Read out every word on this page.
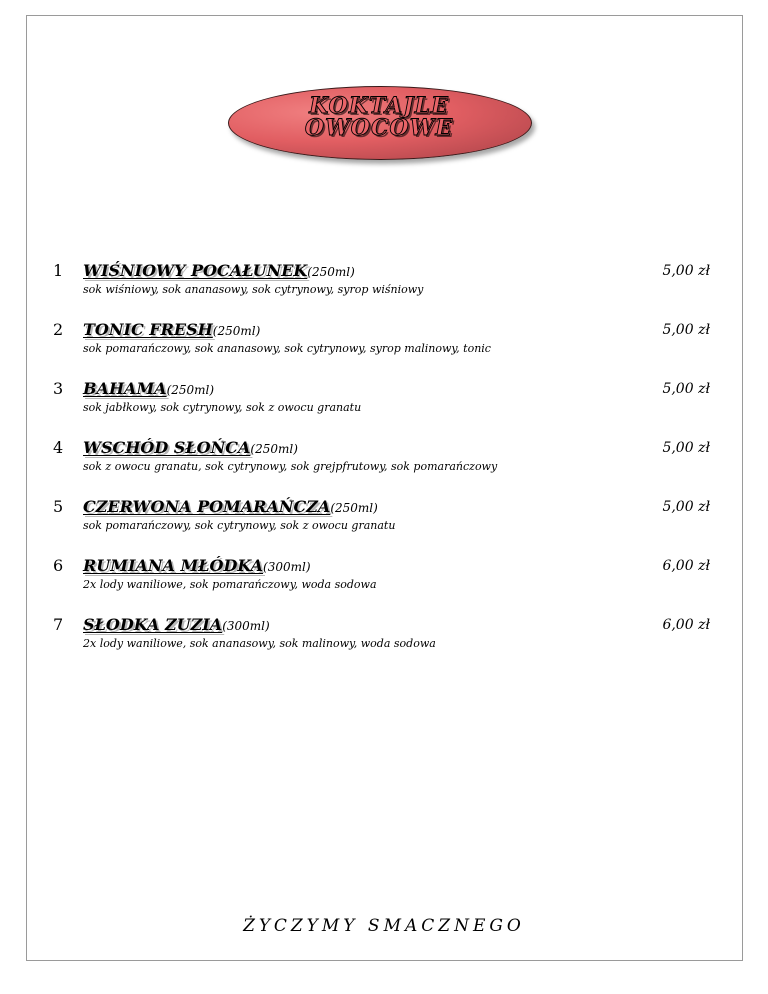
KOKTAJLE
OWOCOWE
1 WIŚNIOWY POCAŁUNEK(250ml)
sok wiśniowy, sok ananasowy, sok cytrynowy, syrop wiśniowy
5,00 zł
2 TONIC FRESH(250ml)
sok pomarańczowy, sok ananasowy, sok cytrynowy, syrop malinowy, tonic
5,00 zł
3 BAHAMA(250ml)
sok jabłkowy, sok cytrynowy, sok z owocu granatu
5,00 zł
4 WSCHÓD SŁOŃCA(250ml)
sok z owocu granatu, sok cytrynowy, sok grejpfrutowy, sok pomarańczowy
5,00 zł
5 CZERWONA POMARAŃCZA(250ml)
sok pomarańczowy, sok cytrynowy, sok z owocu granatu
5,00 zł
6 RUMIANA MŁÓDKA(300ml)
2x lody waniliowe, sok pomarańczowy, woda sodowa
6,00 zł
7 SŁODKA ZUZIA(300ml)
2x lody waniliowe, sok ananasowy, sok malinowy, woda sodowa
6,00 zł
ŻYCZYMY SMACZNEGO
